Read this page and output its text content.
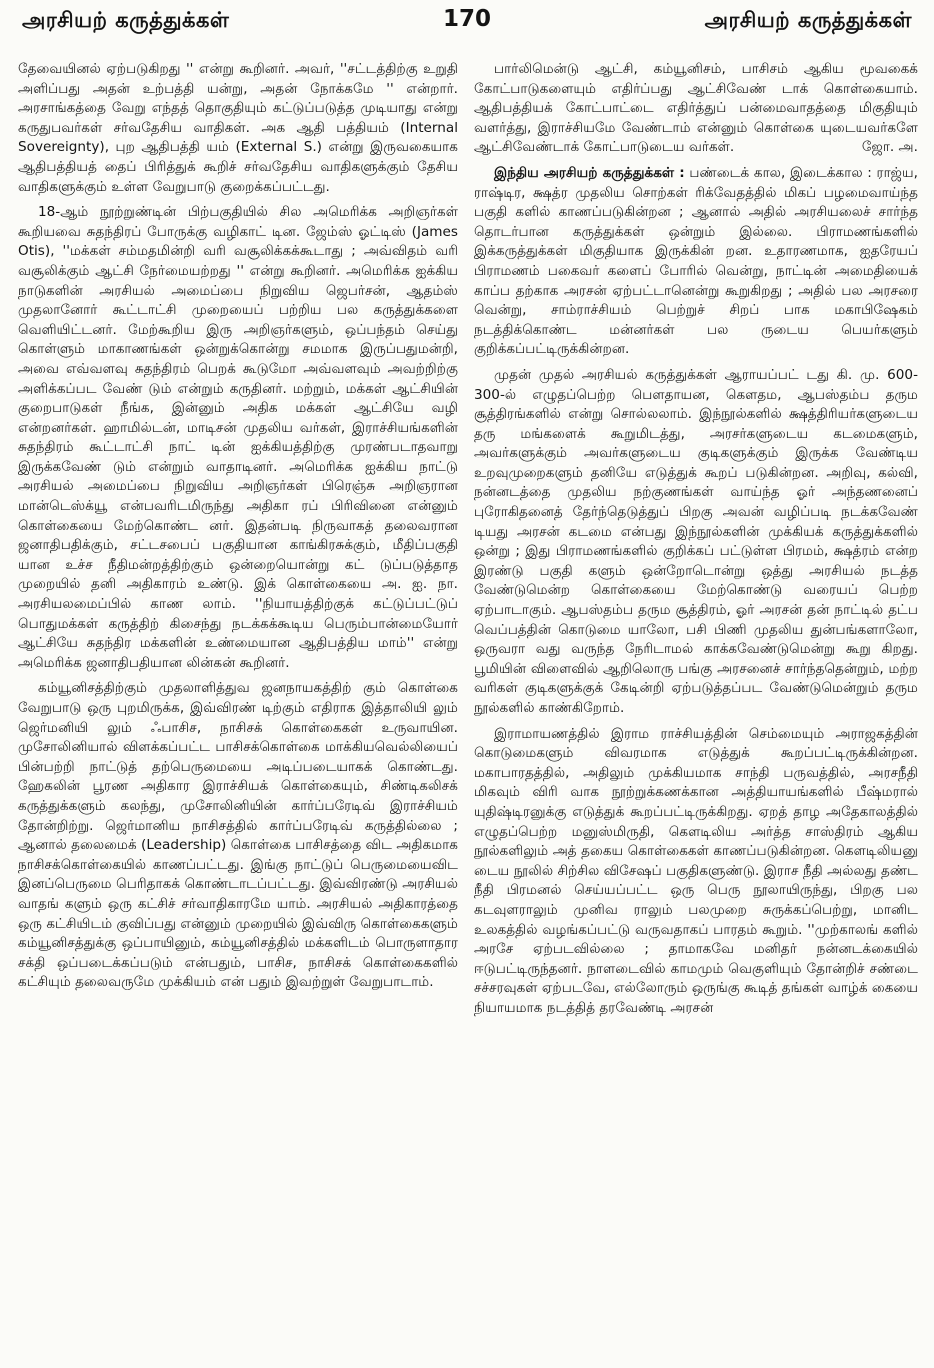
அரசியற் கருத்துக்கள்	170	அரசியற் கருத்துக்கள்

தேவையினல் ஏற்படுகிறது '' என்று கூறினர். அவர், ''சட்டத்திற்கு உறுதி அளிப்பது அதன் உற்பத்தி யன்று, அதன் நோக்கமே '' என்றார். அரசாங்கத்தை வேறு எந்தத் தொகுதியும் கட்டுப்படுத்த முடியாது என்று கருதுபவர்கள் சர்வதேசிய வாதிகள். அக ஆதி பத்தியம் (Internal Sovereignty), புற ஆதிபத்தி யம் (External S.) என்று இருவகையாக ஆதிபத்தியத் தைப் பிரித்துக் கூறிச் சர்வதேசிய வாதிகளுக்கும் தேசிய வாதிகளுக்கும் உள்ள வேறுபாடு குறைக்கப்பட்டது.

18-ஆம் நூற்றுண்டின் பிற்பகுதியில் சில அமெரிக்க அறிஞர்கள் கூறியவை சுதந்திரப் போருக்கு வழிகாட் டின. ஜேம்ஸ் ஓட்டிஸ் (James Otis), ''மக்கள் சம்மதமின்றி வரி வசூலிக்கக்கூடாது ; அவ்விதம் வரி வசூலிக்கும் ஆட்சி நேர்மையற்றது '' என்று கூறினர். அமெரிக்க ஐக்கிய நாடுகளின் அரசியல் அமைப்பை நிறுவிய ஜெபர்சன், ஆதம்ஸ் முதலானோர் கூட்டாட்சி முறையைப் பற்றிய பல கருத்துக்களை வெளியிட்டனர். மேற்கூறிய இரு அறிஞர்களும், ஒப்பந்தம் செய்து கொள்ளும் மாகாணங்கள் ஒன்றுக்கொன்று சமமாக இருப்பதுமன்றி, அவை எவ்வளவு சுதந்திரம் பெறக் கூடுமோ அவ்வளவும் அவற்றிற்கு அளிக்கப்பட வேண் டும் என்றும் கருதினர். மற்றும், மக்கள் ஆட்சியின் குறைபாடுகள் நீங்க, இன்னும் அதிக மக்கள் ஆட்சியே வழி என்றனர்கள். ஹாமில்டன், மாடிசன் முதலிய வர்கள், இராச்சியங்களின் சுதந்திரம் கூட்டாட்சி நாட் டின் ஐக்கியத்திற்கு முரண்படாதவாறு இருக்கவேண் டும் என்றும் வாதாடினர். அமெரிக்க ஐக்கிய நாட்டு அரசியல் அமைப்பை நிறுவிய அறிஞர்கள் பிரெஞ்சு அறிஞரான மான்டெஸ்க்யூ என்பவரிடமிருந்து அதிகா ரப் பிரிவினை என்னும் கொள்கையை மேற்கொண்ட னர். இதன்படி நிருவாகத் தலைவரான ஜனாதிபதிக்கும், சட்டசபைப் பகுதியான காங்கிரசுக்கும், மீதிப்பகுதி யான உச்ச நீதிமன்றத்திற்கும் ஒன்றையொன்று கட் டுப்படுத்தாத முறையில் தனி அதிகாரம் உண்டு. இக் கொள்கையை அ. ஐ. நா. அரசியலமைப்பில் காண லாம். ''நியாயத்திற்குக் கட்டுப்பட்டுப் பொதுமக்கள் கருத்திற் கிசைந்து நடக்கக்கூடிய பெரும்பான்மையோர் ஆட்சியே சுதந்திர மக்களின் உண்மையான ஆதிபத்திய மாம்'' என்று அமெரிக்க ஜனாதிபதியான லின்கன் கூறினர்.

கம்யூனிசத்திற்கும் முதலாளித்துவ ஜனநாயகத்திற் கும் கொள்கை வேறுபாடு ஒரு புறமிருக்க, இவ்விரண் டிற்கும் எதிராக இத்தாலியி லும் ஜெர்மனியி லும் ஃபாசிச, நாசிசக் கொள்கைகள் உருவாயின. முசோலினியால் விளக்கப்பட்ட பாசிசக்கொள்கை மாக்கியவெல்லியைப் பின்பற்றி நாட்டுத் தற்பெருமையை அடிப்படையாகக் கொண்டது. ஹேகலின் பூரண அதிகார இராச்சியக் கொள்கையும், சிண்டிகலிசக் கருத்துக்களும் கலந்து, முசோலினியின் கார்ப்பரேடிவ் இராச்சியம் தோன்றிற்று. ஜெர்மானிய நாசிசத்தில் கார்ப்பரேடிவ் கருத்தில்லை ; ஆனால் தலைமைக் (Leadership) கொள்கை பாசிசத்தை விட அதிகமாக நாசிசக்கொள்கையில் காணப்பட்டது. இங்கு நாட்டுப் பெருமையைவிட இனப்பெருமை பெரிதாகக் கொண்டாடப்பட்டது. இவ்விரண்டு அரசியல் வாதங் களும் ஒரு கட்சிச் சர்வாதிகாரமே யாம். அரசியல் அதிகாரத்தை ஒரு கட்சியிடம் குவிப்பது என்னும் முறையில் இவ்விரு கொள்கைகளும் கம்யூனிசத்துக்கு ஒப்பாயினும், கம்யூனிசத்தில் மக்களிடம் பொருளாதார சக்தி ஒப்படைக்கப்படும் என்பதும், பாசிச, நாசிசக் கொள்கைகளில் கட்சியும் தலைவருமே முக்கியம் என் பதும் இவற்றுள் வேறுபாடாம்.

பார்லிமென்டு ஆட்சி, கம்யூனிசம், பாசிசம் ஆகிய மூவகைக் கோட்பாடுகளையும் எதிர்ப்பது ஆட்சிவேண் டாக் கொள்கையாம். ஆதிபத்தியக் கோட்பாட்டை எதிர்த்துப் பன்மைவாதத்தை மிகுதியும் வளர்த்து, இராச்சியமே வேண்டாம் என்னும் கொள்கை யுடையவர்களே ஆட்சிவேண்டாக் கோட்பாடுடைய வர்கள்.	ஜோ. அ.

இந்திய அரசியற் கருத்துக்கள் : பண்டைக் கால, இடைக்கால : ராஜ்ய, ராஷ்டிர, க்ஷத்ர முதலிய சொற்கள் ரிக்வேதத்தில் மிகப் பழமைவாய்ந்த பகுதி களில் காணப்படுகின்றன ; ஆனால் அதில் அரசியலைச் சார்ந்த தொடர்பான கருத்துக்கள் ஒன்றும் இல்லை. பிராமணங்களில் இக்கருத்துக்கள் மிகுதியாக இருக்கின் றன. உதாரணமாக, ஐதரேயப் பிராமணம் பகைவர் களைப் போரில் வென்று, நாட்டின் அமைதியைக் காப்ப தற்காக அரசன் ஏற்பட்டானென்று கூறுகிறது ; அதில் பல அரசரை வென்று, சாம்ராச்சியம் பெற்றுச் சிறப் பாக மகாபிஷேகம் நடத்திக்கொண்ட மன்னர்கள் பல ருடைய பெயர்களும் குறிக்கப்பட்டிருக்கின்றன.

முதன் முதல் அரசியல் கருத்துக்கள் ஆராயப்பட் டது கி. மு. 600-300-ல் எழுதப்பெற்ற பௌதாயன, கௌதம, ஆபஸ்தம்ப தரும சூத்திரங்களில் என்று சொல்லலாம். இந்நூல்களில் க்ஷத்திரியர்களுடைய தரு மங்களைக் கூறுமிடத்து, அரசர்களுடைய கடமைகளும், அவர்களுக்கும் அவர்களுடைய குடிகளுக்கும் இருக்க வேண்டிய உறவுமுறைகளும் தனியே எடுத்துக் கூறப் படுகின்றன. அறிவு, கல்வி, நன்னடத்தை முதலிய நற்குணங்கள் வாய்ந்த ஓர் அந்தணனைப் புரோகிதனைத் தேர்ந்தெடுத்துப் பிறகு அவன் வழிப்படி நடக்கவேண் டியது அரசன் கடமை என்பது இந்நூல்களின் முக்கியக் கருத்துக்களில் ஒன்று ; இது பிராமணங்களில் குறிக்கப் பட்டுள்ள பிரமம், க்ஷத்ரம் என்ற இரண்டு பகுதி களும் ஒன்றோடொன்று ஒத்து அரசியல் நடத்த வேண்டுமென்ற கொள்கையை மேற்கொண்டு வரையப் பெற்ற ஏற்பாடாகும். ஆபஸ்தம்ப தரும சூத்திரம், ஓர் அரசன் தன் நாட்டில் தட்ப வெப்பத்தின் கொடுமை யாலோ, பசி பிணி முதலிய துன்பங்களாலோ, ஒருவரா வது வருந்த நேரிடாமல் காக்கவேண்டுமென்று கூறு கிறது. பூமியின் விளைவில் ஆறிலொரு பங்கு அரசனைச் சார்ந்ததென்றும், மற்ற வரிகள் குடிகளுக்குக் கேடின்றி ஏற்படுத்தப்பட வேண்டுமென்றும் தரும நூல்களில் காண்கிறோம்.

இராமாயணத்தில் இராம ராச்சியத்தின் செம்மையும் அராஜகத்தின் கொடுமைகளும் விவரமாக எடுத்துக் கூறப்பட்டிருக்கின்றன. மகாபாரதத்தில், அதிலும் முக்கியமாக சாந்தி பருவத்தில், அரசநீதி மிகவும் விரி வாக நூற்றுக்கணக்கான அத்தியாயங்களில் பீஷ்மரால் யுதிஷ்டிரனுக்கு எடுத்துக் கூறப்பட்டிருக்கிறது. ஏறத் தாழ அதேகாலத்தில் எழுதப்பெற்ற மனுஸ்மிருதி, கௌடிலிய அர்த்த சாஸ்திரம் ஆகிய நூல்களிலும் அத் தகைய கொள்கைகள் காணப்படுகின்றன. கௌடிலியனு டைய நூலில் சிற்சில விசேஷப் பகுதிகளுண்டு. இராச நீதி அல்லது தண்ட நீதி பிரமனல் செய்யப்பட்ட ஒரு பெரு நூலாயிருந்து, பிறகு பல கடவுளராலும் முனிவ ராலும் பலமுறை சுருக்கப்பெற்று, மானிட உலகத்தில் வழங்கப்பட்டு வருவதாகப் பாரதம் கூறும். ''முற்காலங் களில் அரசே ஏற்படவில்லை ; தாமாகவே மனிதர் நன்னடக்கையில் ஈடுபட்டிருந்தனர். நாளடைவில் காமமும் வெகுளியும் தோன்றிச் சண்டை சச்சரவுகள் ஏற்படவே, எல்லோரும் ஒருங்கு கூடித் தங்கள் வாழ்க் கையை நியாயமாக நடத்தித் தரவேண்டி அரசன்
